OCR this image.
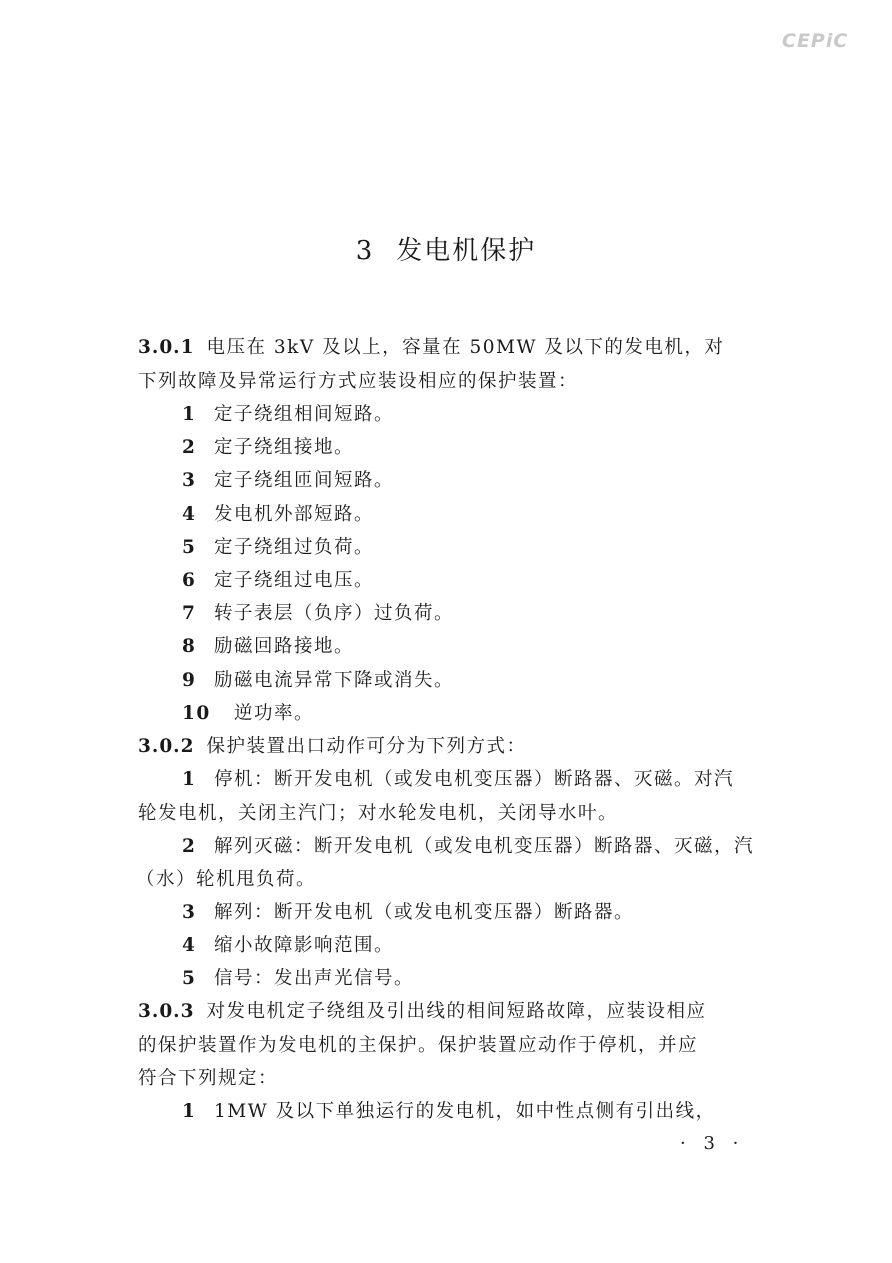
CEPiC
3 发电机保护
3.0.1 电压在 3kV 及以上，容量在 50MW 及以下的发电机，对
下列故障及异常运行方式应装设相应的保护装置：
1 定子绕组相间短路。
2 定子绕组接地。
3 定子绕组匝间短路。
4 发电机外部短路。
5 定子绕组过负荷。
6 定子绕组过电压。
7 转子表层（负序）过负荷。
8 励磁回路接地。
9 励磁电流异常下降或消失。
10 逆功率。
3.0.2 保护装置出口动作可分为下列方式：
1 停机：断开发电机（或发电机变压器）断路器、灭磁。对汽
轮发电机，关闭主汽门；对水轮发电机，关闭导水叶。
2 解列灭磁：断开发电机（或发电机变压器）断路器、灭磁，汽
（水）轮机甩负荷。
3 解列：断开发电机（或发电机变压器）断路器。
4 缩小故障影响范围。
5 信号：发出声光信号。
3.0.3 对发电机定子绕组及引出线的相间短路故障，应装设相应
的保护装置作为发电机的主保护。保护装置应动作于停机，并应
符合下列规定：
1 1MW 及以下单独运行的发电机，如中性点侧有引出线，
· 3 ·
